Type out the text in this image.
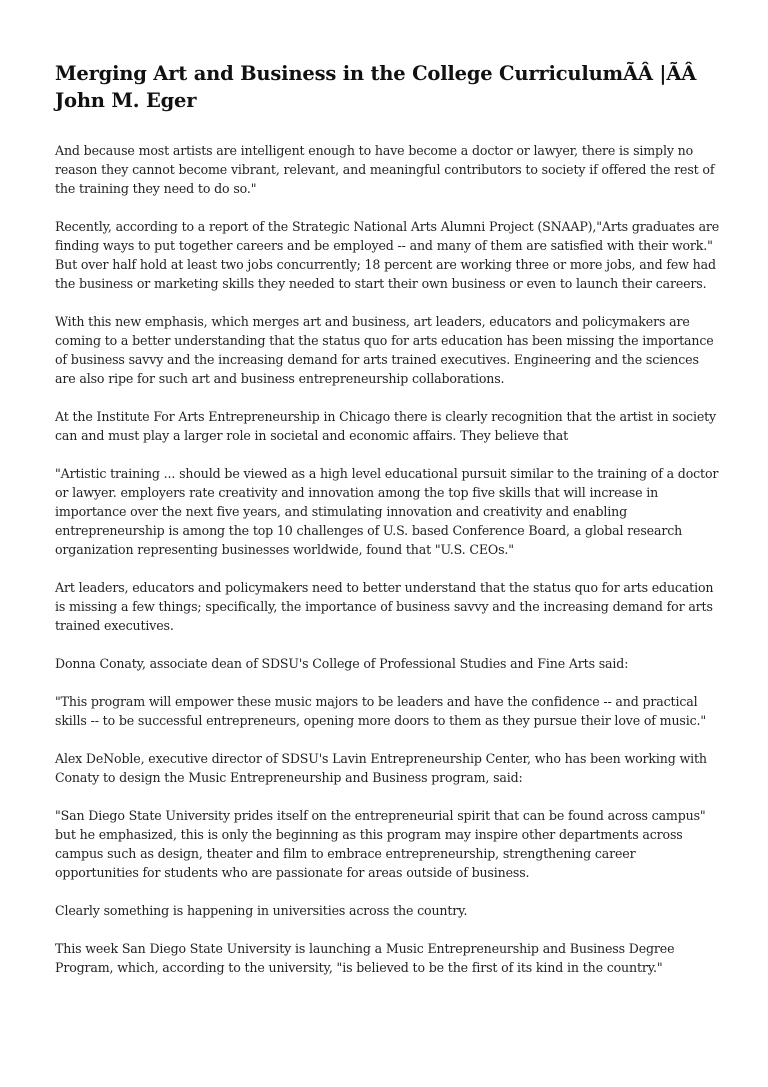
Merging Art and Business in the College CurriculumÃÂ |ÃÂ John M. Eger

And because most artists are intelligent enough to have become a doctor or lawyer, there is simply no reason they cannot become vibrant, relevant, and meaningful contributors to society if offered the rest of the training they need to do so."

Recently, according to a report of the Strategic National Arts Alumni Project (SNAAP),"Arts graduates are finding ways to put together careers and be employed -- and many of them are satisfied with their work." But over half hold at least two jobs concurrently; 18 percent are working three or more jobs, and few had the business or marketing skills they needed to start their own business or even to launch their careers.

With this new emphasis, which merges art and business, art leaders, educators and policymakers are coming to a better understanding that the status quo for arts education has been missing the importance of business savvy and the increasing demand for arts trained executives. Engineering and the sciences are also ripe for such art and business entrepreneurship collaborations.

At the Institute For Arts Entrepreneurship in Chicago there is clearly recognition that the artist in society can and must play a larger role in societal and economic affairs. They believe that

"Artistic training ... should be viewed as a high level educational pursuit similar to the training of a doctor or lawyer. employers rate creativity and innovation among the top five skills that will increase in importance over the next five years, and stimulating innovation and creativity and enabling entrepreneurship is among the top 10 challenges of U.S. based Conference Board, a global research organization representing businesses worldwide, found that "U.S. CEOs."

Art leaders, educators and policymakers need to better understand that the status quo for arts education is missing a few things; specifically, the importance of business savvy and the increasing demand for arts trained executives.

Donna Conaty, associate dean of SDSU's College of Professional Studies and Fine Arts said:

"This program will empower these music majors to be leaders and have the confidence -- and practical skills -- to be successful entrepreneurs, opening more doors to them as they pursue their love of music."

Alex DeNoble, executive director of SDSU's Lavin Entrepreneurship Center, who has been working with Conaty to design the Music Entrepreneurship and Business program, said:

"San Diego State University prides itself on the entrepreneurial spirit that can be found across campus" but he emphasized, this is only the beginning as this program may inspire other departments across campus such as design, theater and film to embrace entrepreneurship, strengthening career opportunities for students who are passionate for areas outside of business.

Clearly something is happening in universities across the country.

This week San Diego State University is launching a Music Entrepreneurship and Business Degree Program, which, according to the university, "is believed to be the first of its kind in the country."
